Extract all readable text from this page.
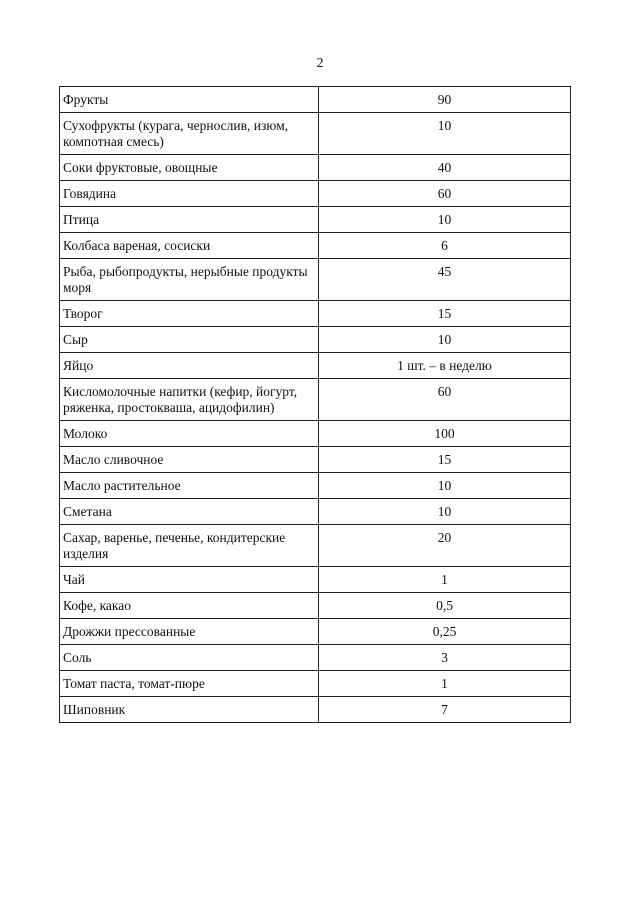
2
Фрукты	90
Сухофрукты (курага, чернослив, изюм, компотная смесь)	10
Соки фруктовые, овощные	40
Говядина	60
Птица	10
Колбаса вареная, сосиски	6
Рыба, рыбопродукты, нерыбные продукты моря	45
Творог	15
Сыр	10
Яйцо	1 шт. – в неделю
Кисломолочные напитки (кефир, йогурт, ряженка, простокваша, ацидофилин)	60
Молоко	100
Масло сливочное	15
Масло растительное	10
Сметана	10
Сахар, варенье, печенье, кондитерские изделия	20
Чай	1
Кофе, какао	0,5
Дрожжи прессованные	0,25
Соль	3
Томат паста, томат-пюре	1
Шиповник	7
